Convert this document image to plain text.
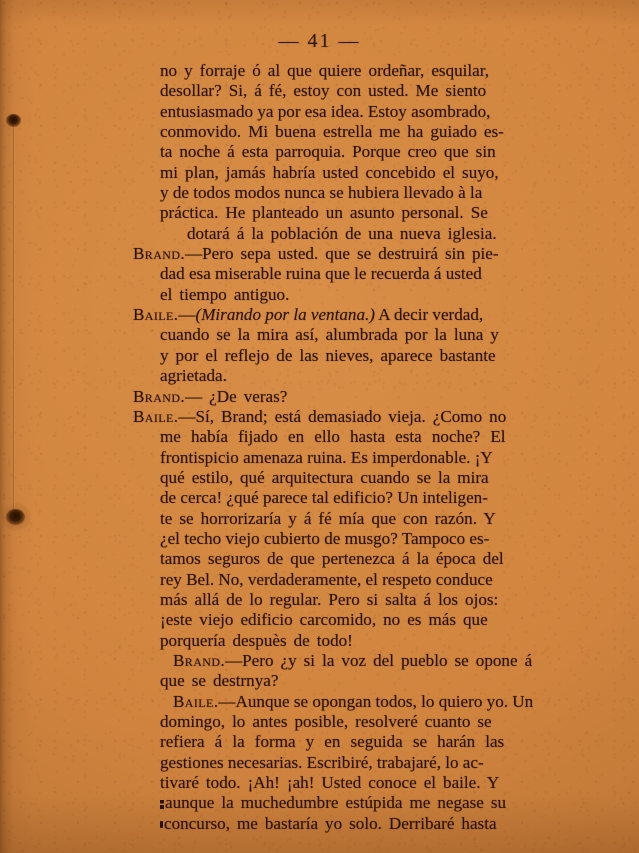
— 41 —
no y forraje ó al que quiere ordeñar, esquilar,
desollar? Si, á fé, estoy con usted. Me siento
entusiasmado ya por esa idea. Estoy asombrado,
conmovido. Mi buena estrella me ha guiado es-
ta noche á esta parroquia. Porque creo que sin
mi plan, jamás habría usted concebido el suyo,
y de todos modos nunca se hubiera llevado à la
práctica. He planteado un asunto personal. Se
dotará á la población de una nueva iglesia.
Brand.—Pero sepa usted. que se destruirá sin pie-
dad esa miserable ruina que le recuerda á usted
el tiempo antiguo.
Baile.—(Mirando por la ventana.) A decir verdad,
cuando se la mira así, alumbrada por la luna y
y por el reflejo de las nieves, aparece bastante
agrietada.
Brand.— ¿De veras?
Baile.—Sí, Brand; está demasiado vieja. ¿Como no
me había fijado en ello hasta esta noche? El
frontispicio amenaza ruina. Es imperdonable. ¡Y
qué estilo, qué arquitectura cuando se la mira
de cerca! ¿qué parece tal edificio? Un inteligen-
te se horrorizaría y á fé mía que con razón. Y
¿el techo viejo cubierto de musgo? Tampoco es-
tamos seguros de que pertenezca á la época del
rey Bel. No, verdaderamente, el respeto conduce
más allá de lo regular. Pero si salta á los ojos:
¡este viejo edificio carcomido, no es más que
porquería despuès de todo!
Brand.—Pero ¿y si la voz del pueblo se opone á
que se destrnya?
Baile.—Aunque se opongan todos, lo quiero yo. Un
domingo, lo antes posible, resolveré cuanto se
refiera á la forma y en seguida se harán las
gestiones necesarias. Escribiré, trabajaré, lo ac-
tivaré todo. ¡Ah! ¡ah! Usted conoce el baile. Y
aunque la muchedumbre estúpida me negase su
concurso, me bastaría yo solo. Derribaré hasta
